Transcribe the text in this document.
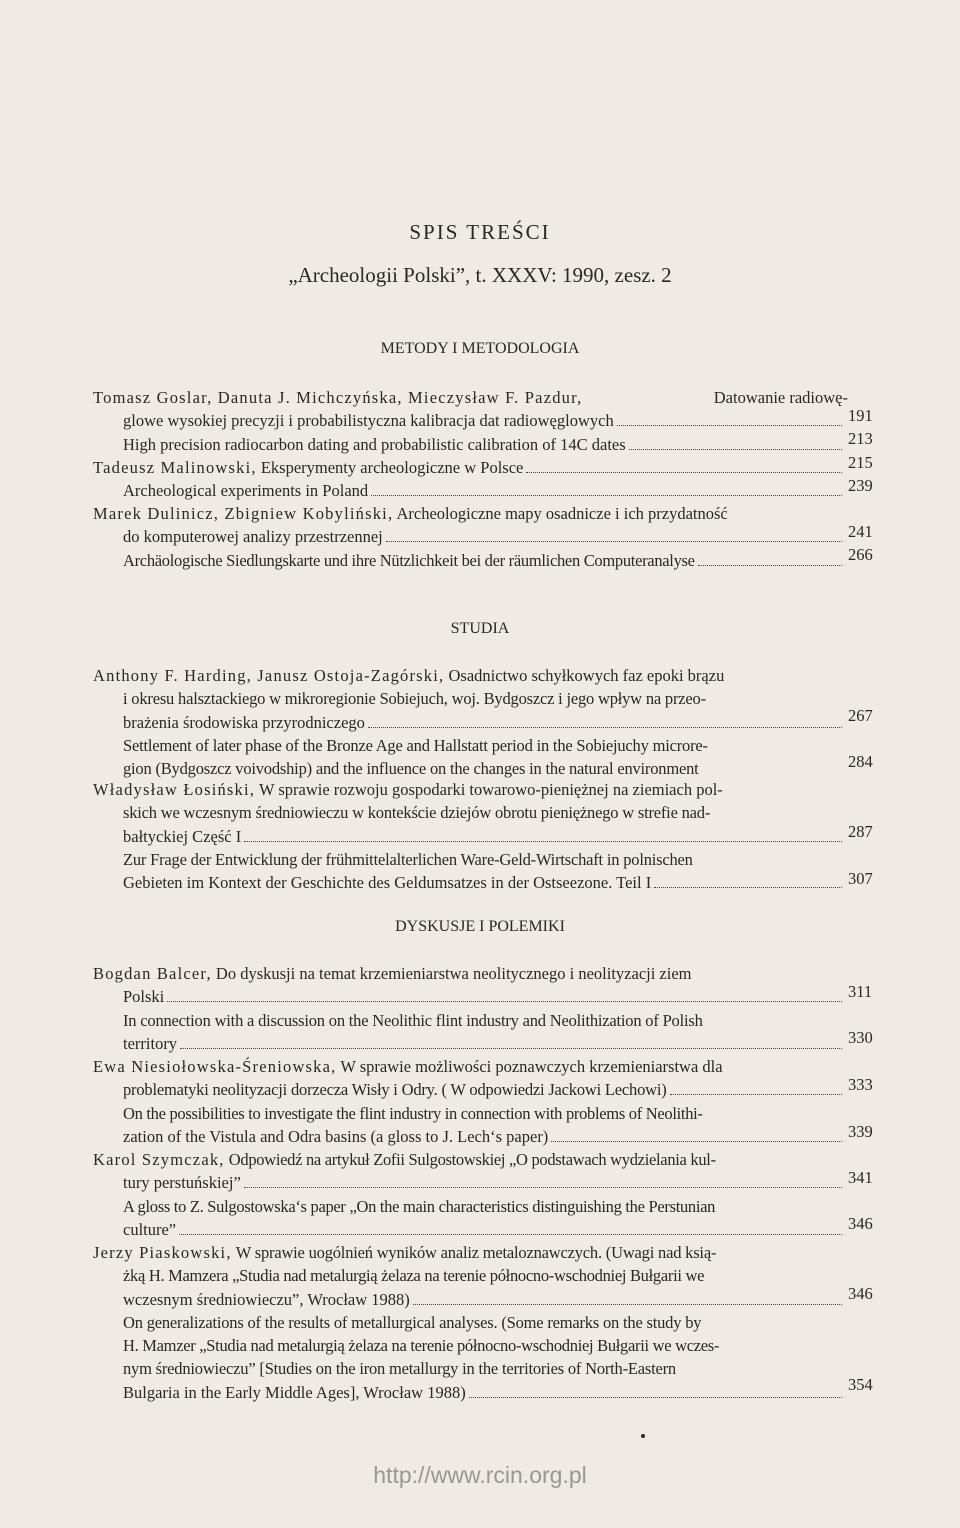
SPIS TREŚCI
„Archeologii Polski”, t. XXXV: 1990, zesz. 2
METODY I METODOLOGIA
Tomasz Goslar, Danuta J. Michczyńska, Mieczysław F. Pazdur,	Datowanie radiowę-
glowe wysokiej precyzji i probabilistyczna kalibracja dat radiowęglowych
High precision radiocarbon dating and probabilistic calibration of 14C dates
191
213
Tadeusz Malinowski, Eksperymenty archeologiczne w Polsce
Archeological experiments in Poland
215
239
Marek Dulinicz, Zbigniew Kobyliński, Archeologiczne mapy osadnicze i ich przydatność
do komputerowej analizy przestrzennej
Archäologische Siedlungskarte und ihre Nützlichkeit bei der räumlichen Computeranalyse
241
266
STUDIA
Anthony F. Harding, Janusz Ostoja-Zagórski, Osadnictwo schyłkowych faz epoki brązu
i okresu halsztackiego w mikroregionie Sobiejuch, woj. Bydgoszcz i jego wpływ na przeo-
brażenia środowiska przyrodniczego
Settlement of later phase of the Bronze Age and Hallstatt period in the Sobiejuchy microre-
gion (Bydgoszcz voivodship) and the influence on the changes in the natural environment
267
284
Władysław Łosiński, W sprawie rozwoju gospodarki towarowo-pieniężnej na ziemiach pol-
skich we wczesnym średniowieczu w kontekście dziejów obrotu pieniężnego w strefie nad-
bałtyckiej Część I
Zur Frage der Entwicklung der frühmittelalterlichen Ware-Geld-Wirtschaft in polnischen
Gebieten im Kontext der Geschichte des Geldumsatzes in der Ostseezone. Teil I
287
307
DYSKUSJE I POLEMIKI
Bogdan Balcer, Do dyskusji na temat krzemieniarstwa neolitycznego i neolityzacji ziem
Polski
In connection with a discussion on the Neolithic flint industry and Neolithization of Polish
territory
311
330
Ewa Niesiołowska-Śreniowska, W sprawie możliwości poznawczych krzemieniarstwa dla
problematyki neolityzacji dorzecza Wisły i Odry. ( W odpowiedzi Jackowi Lechowi)
On the possibilities to investigate the flint industry in connection with problems of Neolithi-
zation of the Vistula and Odra basins (a gloss to J. Lech‘s paper)
333
339
Karol Szymczak, Odpowiedź na artykuł Zofii Sulgostowskiej „O podstawach wydzielania kul-
tury perstuńskiej”
A gloss to Z. Sulgostowska‘s paper „On the main characteristics distinguishing the Perstunian
culture”
341
346
Jerzy Piaskowski, W sprawie uogólnień wyników analiz metaloznawczych. (Uwagi nad ksią-
żką H. Mamzera „Studia nad metalurgią żelaza na terenie północno-wschodniej Bułgarii we
wczesnym średniowieczu”, Wrocław 1988)
On generalizations of the results of metallurgical analyses. (Some remarks on the study by
H. Mamzer „Studia nad metalurgią żelaza na terenie północno-wschodniej Bułgarii we wczes-
nym średniowieczu” [Studies on the iron metallurgy in the territories of North-Eastern
Bulgaria in the Early Middle Ages], Wrocław 1988)
346
354
http://www.rcin.org.pl
